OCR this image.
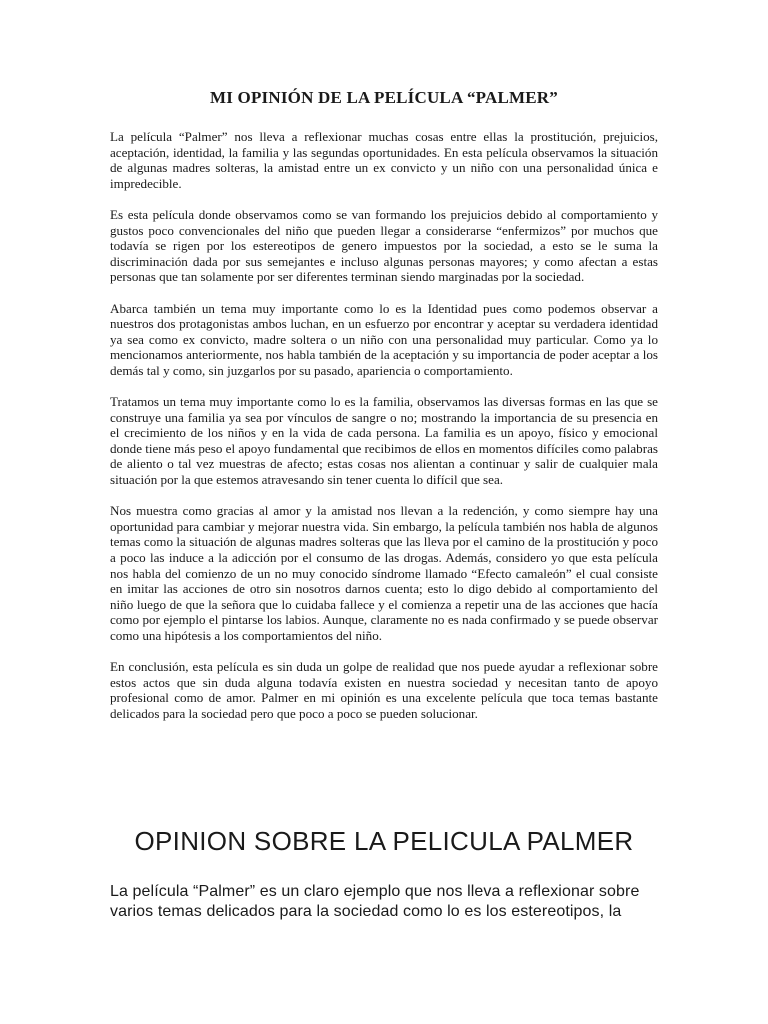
MI OPINIÓN DE LA PELÍCULA “PALMER”

La película “Palmer” nos lleva a reflexionar muchas cosas entre ellas la prostitución, prejuicios, aceptación, identidad, la familia y las segundas oportunidades. En esta película observamos la situación de algunas madres solteras, la amistad entre un ex convicto y un niño con una personalidad única e impredecible.

Es esta película donde observamos como se van formando los prejuicios debido al comportamiento y gustos poco convencionales del niño que pueden llegar a considerarse “enfermizos” por muchos que todavía se rigen por los estereotipos de genero impuestos por la sociedad, a esto se le suma la discriminación dada por sus semejantes e incluso algunas personas mayores; y como afectan a estas personas que tan solamente por ser diferentes terminan siendo marginadas por la sociedad.

Abarca también un tema muy importante como lo es la Identidad pues como podemos observar a nuestros dos protagonistas ambos luchan, en un esfuerzo por encontrar y aceptar su verdadera identidad ya sea como ex convicto, madre soltera o un niño con una personalidad muy particular. Como ya lo mencionamos anteriormente, nos habla también de la aceptación y su importancia de poder aceptar a los demás tal y como, sin juzgarlos por su pasado, apariencia o comportamiento.

Tratamos un tema muy importante como lo es la familia, observamos las diversas formas en las que se construye una familia ya sea por vínculos de sangre o no; mostrando la importancia de su presencia en el crecimiento de los niños y en la vida de cada persona. La familia es un apoyo, físico y emocional donde tiene más peso el apoyo fundamental que recibimos de ellos en momentos difíciles como palabras de aliento o tal vez muestras de afecto; estas cosas nos alientan a continuar y salir de cualquier mala situación por la que estemos atravesando sin tener cuenta lo difícil que sea.

Nos muestra como gracias al amor y la amistad nos llevan a la redención, y como siempre hay una oportunidad para cambiar y mejorar nuestra vida. Sin embargo, la película también nos habla de algunos temas como la situación de algunas madres solteras que las lleva por el camino de la prostitución y poco a poco las induce a la adicción por el consumo de las drogas. Además, considero yo que esta película nos habla del comienzo de un no muy conocido síndrome llamado “Efecto camaleón” el cual consiste en imitar las acciones de otro sin nosotros darnos cuenta; esto lo digo debido al comportamiento del niño luego de que la señora que lo cuidaba fallece y el comienza a repetir una de las acciones que hacía como por ejemplo el pintarse los labios. Aunque, claramente no es nada confirmado y se puede observar como una hipótesis a los comportamientos del niño.

En conclusión, esta película es sin duda un golpe de realidad que nos puede ayudar a reflexionar sobre estos actos que sin duda alguna todavía existen en nuestra sociedad y necesitan tanto de apoyo profesional como de amor. Palmer en mi opinión es una excelente película que toca temas bastante delicados para la sociedad pero que poco a poco se pueden solucionar.

OPINION SOBRE LA PELICULA PALMER

La película “Palmer” es un claro ejemplo que nos lleva a reflexionar sobre varios temas delicados para la sociedad como lo es los estereotipos, la
